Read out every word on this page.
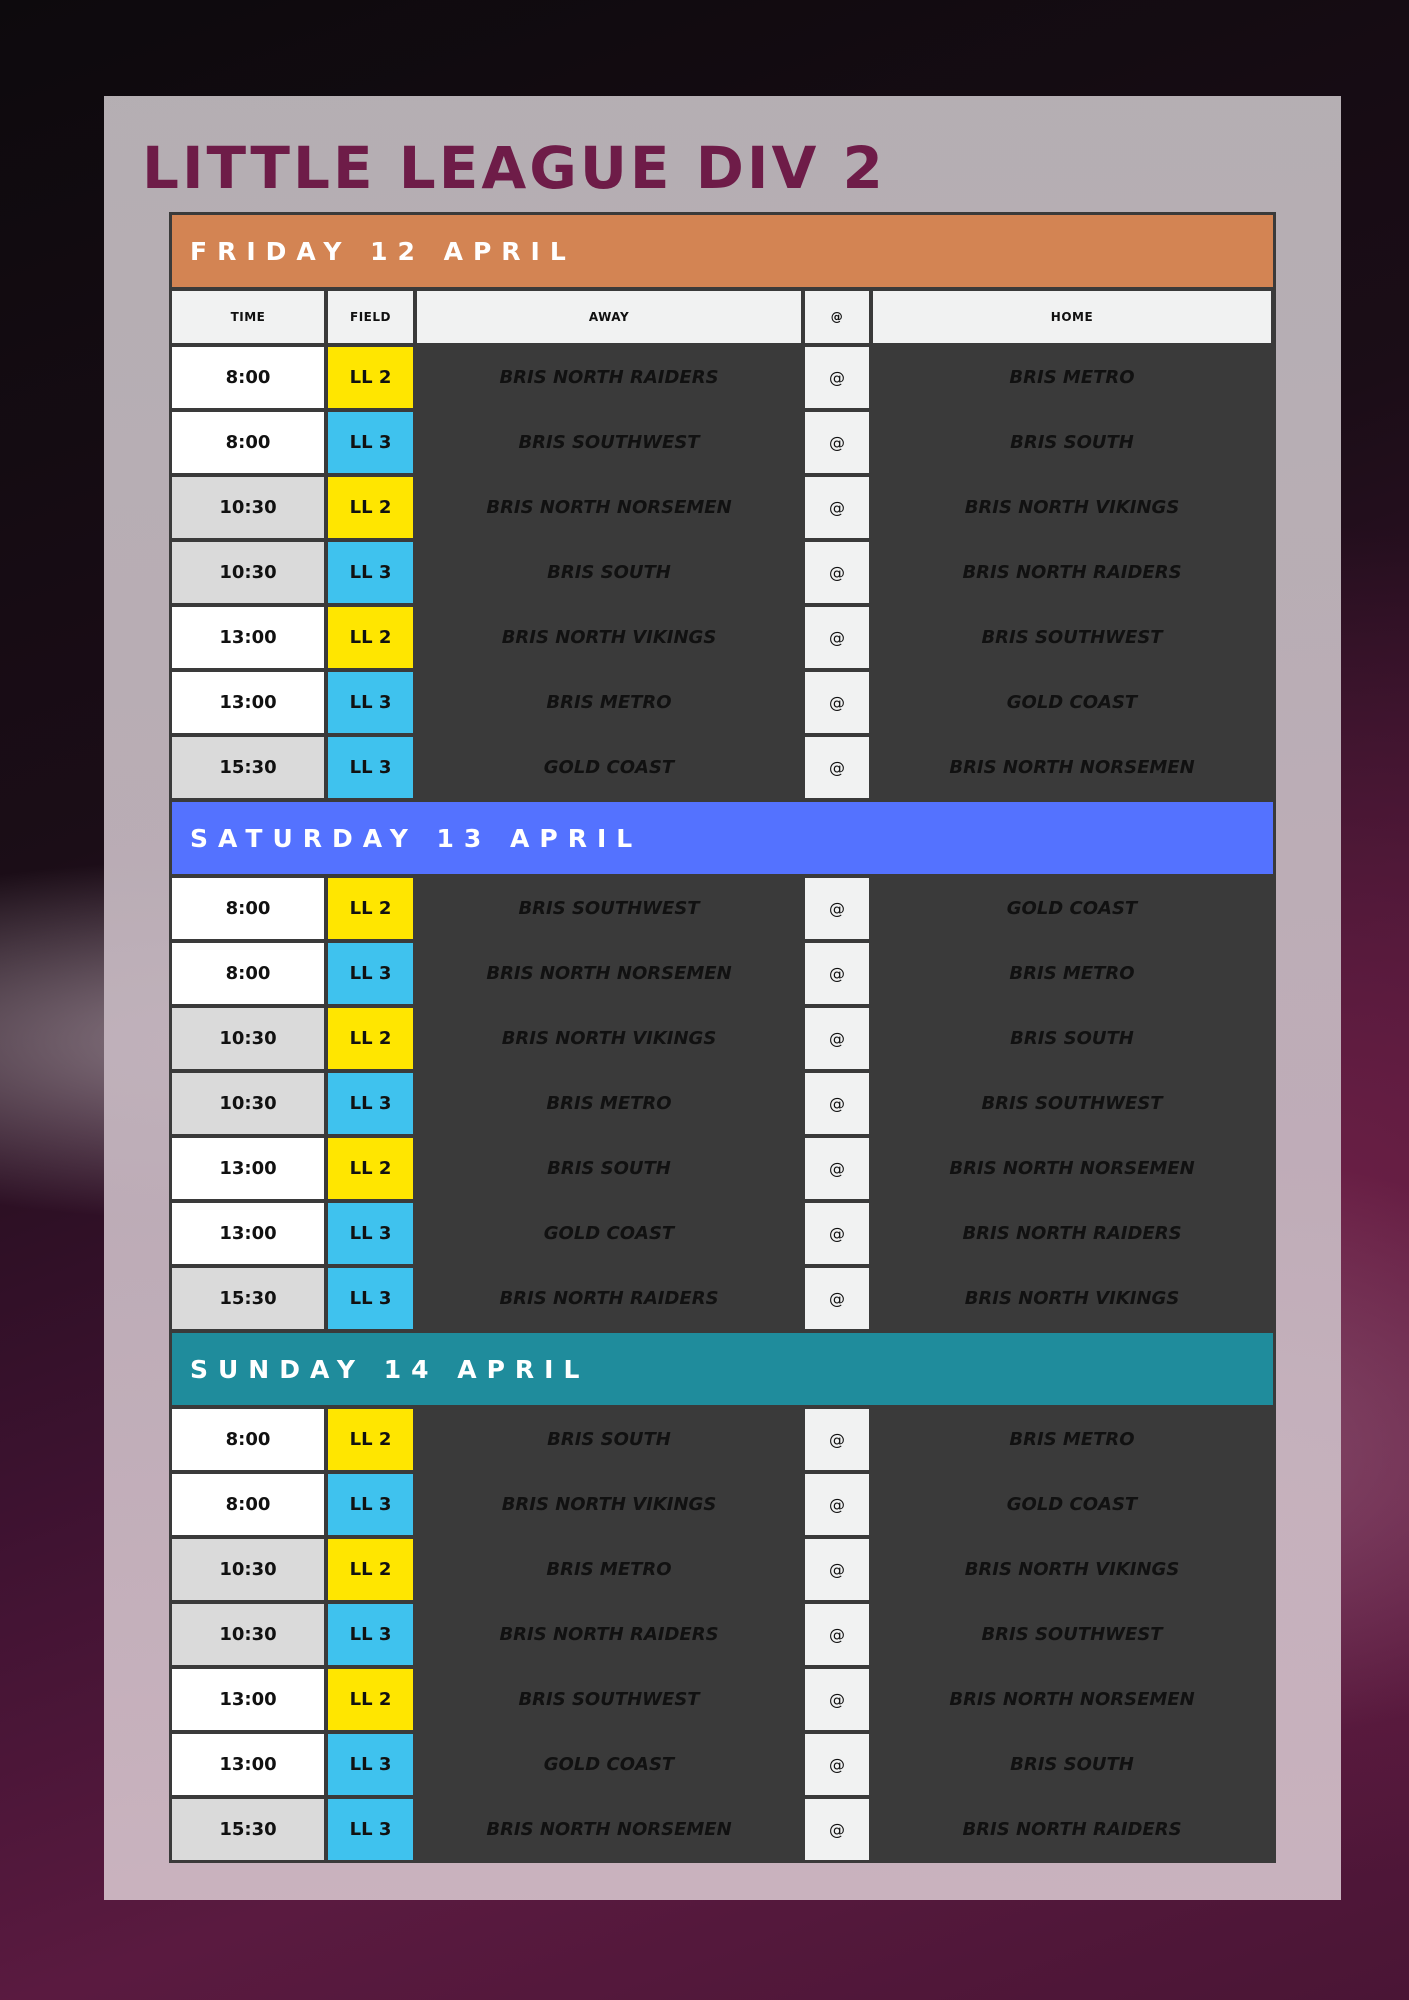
LITTLE LEAGUE DIV 2
FRIDAY 12 APRIL
TIME	FIELD	AWAY	@	HOME
8:00	LL 2	BRIS NORTH RAIDERS	@	BRIS METRO
8:00	LL 3	BRIS SOUTHWEST	@	BRIS SOUTH
10:30	LL 2	BRIS NORTH NORSEMEN	@	BRIS NORTH VIKINGS
10:30	LL 3	BRIS SOUTH	@	BRIS NORTH RAIDERS
13:00	LL 2	BRIS NORTH VIKINGS	@	BRIS SOUTHWEST
13:00	LL 3	BRIS METRO	@	GOLD COAST
15:30	LL 3	GOLD COAST	@	BRIS NORTH NORSEMEN
SATURDAY 13 APRIL
8:00	LL 2	BRIS SOUTHWEST	@	GOLD COAST
8:00	LL 3	BRIS NORTH NORSEMEN	@	BRIS METRO
10:30	LL 2	BRIS NORTH VIKINGS	@	BRIS SOUTH
10:30	LL 3	BRIS METRO	@	BRIS SOUTHWEST
13:00	LL 2	BRIS SOUTH	@	BRIS NORTH NORSEMEN
13:00	LL 3	GOLD COAST	@	BRIS NORTH RAIDERS
15:30	LL 3	BRIS NORTH RAIDERS	@	BRIS NORTH VIKINGS
SUNDAY 14 APRIL
8:00	LL 2	BRIS SOUTH	@	BRIS METRO
8:00	LL 3	BRIS NORTH VIKINGS	@	GOLD COAST
10:30	LL 2	BRIS METRO	@	BRIS NORTH VIKINGS
10:30	LL 3	BRIS NORTH RAIDERS	@	BRIS SOUTHWEST
13:00	LL 2	BRIS SOUTHWEST	@	BRIS NORTH NORSEMEN
13:00	LL 3	GOLD COAST	@	BRIS SOUTH
15:30	LL 3	BRIS NORTH NORSEMEN	@	BRIS NORTH RAIDERS
